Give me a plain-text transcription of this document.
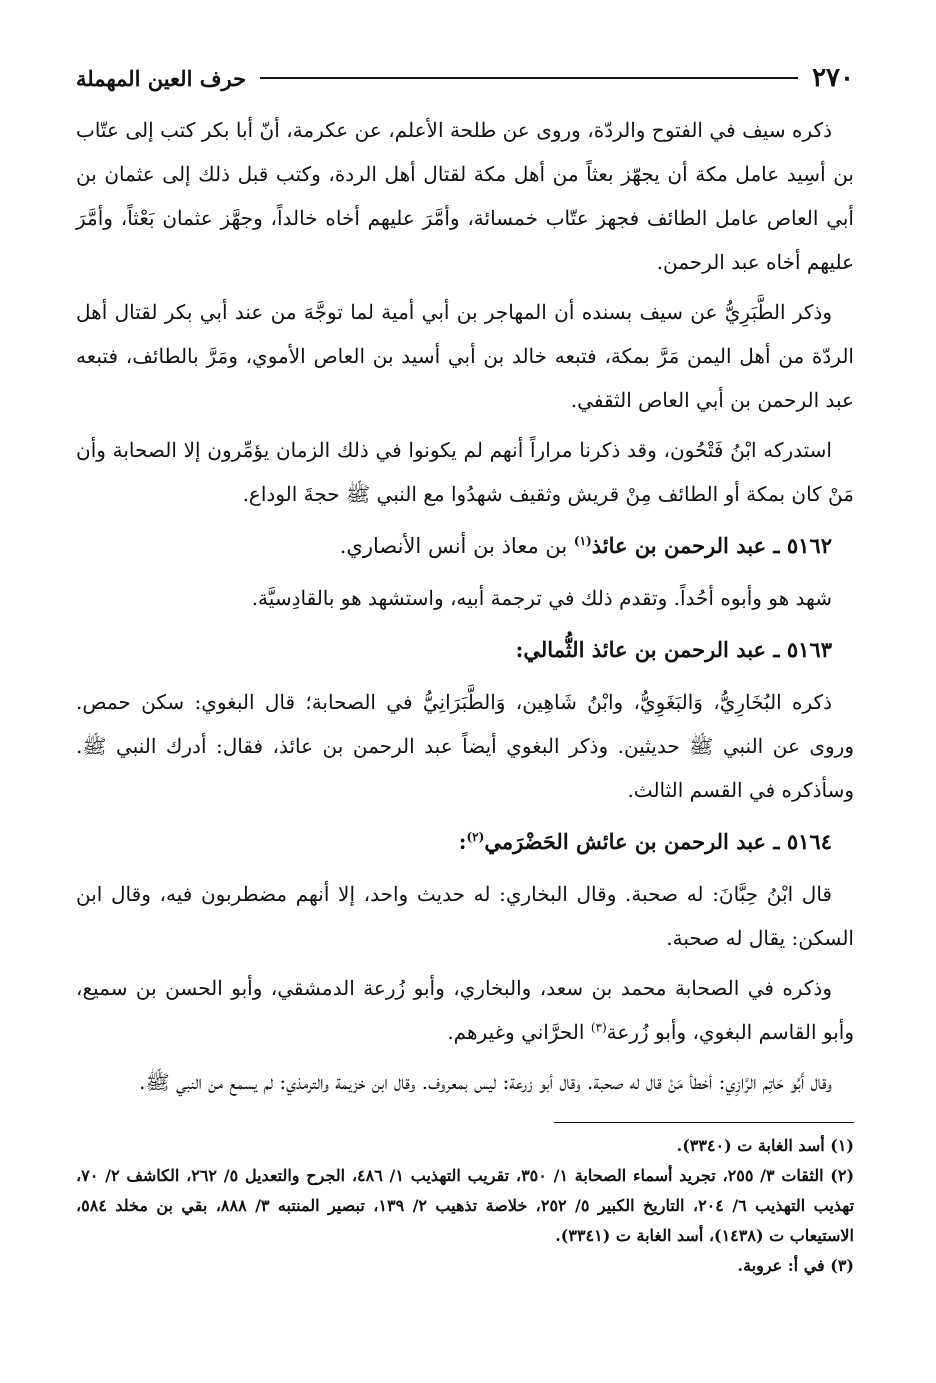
٢٧٠
حرف العين المهملة

ذكره سيف في الفتوح والردّة، وروى عن طلحة الأعلم، عن عكرمة، أنّ أبا بكر كتب إلى عتّاب بن أسِيد عامل مكة أن يجهّز بعثاً من أهل مكة لقتال أهل الردة، وكتب قبل ذلك إلى عثمان بن أبي العاص عامل الطائف فجهز عتّاب خمسائة، وأمَّرَ عليهم أخاه خالداً، وجهَّز عثمان بَعْثاً، وأمَّرَ عليهم أخاه عبد الرحمن.

وذكر الطَّبَرِيُّ عن سيف بسنده أن المهاجر بن أبي أمية لما توجَّهَ من عند أبي بكر لقتال أهل الردّة من أهل اليمن مَرَّ بمكة، فتبعه خالد بن أبي أسيد بن العاص الأموي، ومَرَّ بالطائف، فتبعه عبد الرحمن بن أبي العاص الثقفي.

استدركه ابْنُ فَتْحُون، وقد ذكرنا مراراً أنهم لم يكونوا في ذلك الزمان يؤمِّرون إلا الصحابة وأن مَنْ كان بمكة أو الطائف مِنْ قريش وثقيف شهدُوا مع النبي ﷺ حجةَ الوداع.

٥١٦٢ ـ عبد الرحمن بن عائذ$^{(١)}$ بن معاذ بن أنس الأنصاري.

شهد هو وأبوه أحُداً. وتقدم ذلك في ترجمة أبيه، واستشهد هو بالقادِسيَّة.

٥١٦٣ ـ عبد الرحمن بن عائذ الثُّمالي:

ذكره البُخَارِيُّ، وَالبَغَوِيُّ، وابْنُ شَاهِين، وَالطَّبَرَانِيُّ في الصحابة؛ قال البغوي: سكن حمص. وروى عن النبي ﷺ حديثين. وذكر البغوي أيضاً عبد الرحمن بن عائذ، فقال: أدرك النبي ﷺ. وسأذكره في القسم الثالث.

٥١٦٤ ـ عبد الرحمن بن عائش الحَضْرَمي$^{(٢)}$:

قال ابْنُ حِبَّانَ: له صحبة. وقال البخاري: له حديث واحد، إلا أنهم مضطربون فيه، وقال ابن السكن: يقال له صحبة.

وذكره في الصحابة محمد بن سعد، والبخاري، وأبو زُرعة الدمشقي، وأبو الحسن بن سميع، وأبو القاسم البغوي، وأبو زُرعة$^{(٣)}$ الحرَّاني وغيرهم.

وقال أَبُو حَاتِم الرَّازِي: أخطأ مَنْ قال له صحبة. وقال أبو زرعة: ليس بمعروف. وقال ابن خزيمة والترمذي: لم يسمع من النبي ﷺ.

(١) أسد الغابة ت (٣٣٤٠).

(٢) الثقات ٣/ ٢٥٥، تجريد أسماء الصحابة ١/ ٣٥٠، تقريب التهذيب ١/ ٤٨٦، الجرح والتعديل ٥/ ٢٦٢، الكاشف ٢/ ٧٠، تهذيب التهذيب ٦/ ٢٠٤، التاريخ الكبير ٥/ ٢٥٢، خلاصة تذهيب ٢/ ١٣٩، تبصير المنتبه ٣/ ٨٨٨، بقي بن مخلد ٥٨٤، الاستيعاب ت (١٤٣٨)، أسد الغابة ت (٣٣٤١).

(٣) في أ: عروبة.
